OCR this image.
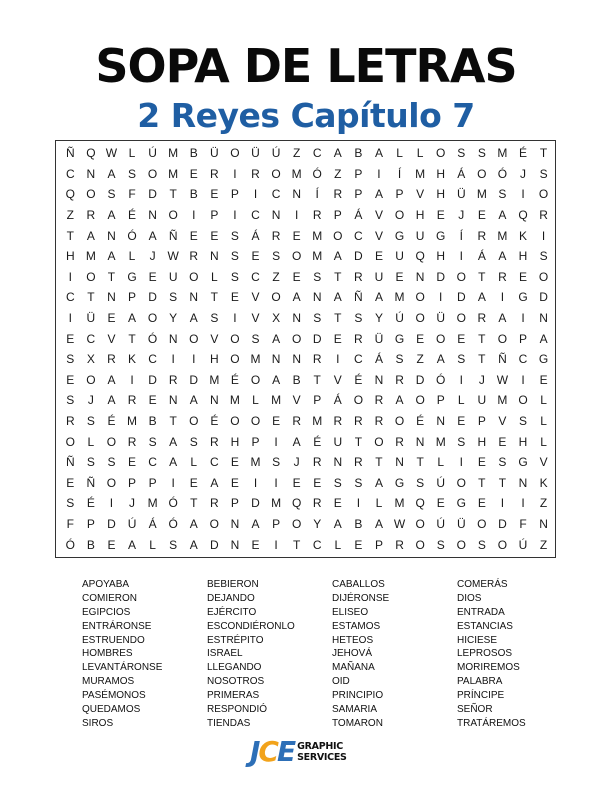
SOPA DE LETRAS
2 Reyes Capítulo 7
Ñ Q W L	Ú M B	Ü O Ü Ú	Z	C	A	B	A	L	L	O S	S M É	T
C N	A	S O M E	R	I	R O M Ó	Z	P	I	Í	M H	Á O Ó	J	S
Q O S	F	D	T	B	E	P	I	C N	Í	R	P	A	P	V	H Ü M S	I	O
Z	R	A	É	N O	I	P	I	C N	I	R	P	Á	V O H	E	J	E	A Q R
T	A	N Ó A	Ñ	E	E	S	Á	R	E M O C	V G U G	Í	R M K	I
H M A	L	J W R N	S	E	S O M A	D	E	U Q H	I	Á	A	H	S
I	O	T	G E	U O	L	S	C	Z	E	S	T	R U	E	N D O	T	R	E O
C	T	N	P	D	S	N	T	E	V O A	N	A	Ñ	A M O	I	D	A	I	G D
I	Ü	E	A O Y	A	S	I	V	X	N	S	T	S	Y	Ú O Ü O R	A	I	N
E	C	V	T	Ó N O V O S	A O D	E	R Ü G E O E	T	O P	A
S	X	R	K	C	I	I	H O M N N R	I	C	Á	S	Z	A	S	T	Ñ C G
E O A	I	D R D M É O A	B	T	V	É	N R D Ó	I	J W	I	E
S	J	A	R	E	N	A	N M	L	M V	P	Á O R	A O P	L	U M O	L
R	S	É M B	T	O É O O E	R M R R R O É	N	E	P	V	S	L
O	L	O R	S	A	S	R H	P	I	A	É	U	T	O R N M S	H	E	H	L
Ñ	S	S	E	C	A	L	C	E M S	J	R N R	T	N	T	L	I	E	S G V
E	Ñ O P	P	I	E	A	E	I	I	E	E	S	S	A G S	Ú O	T	T	N	K
S	É	I	J	M Ó	T	R	P	D M Q R	E	I	L	M Q E G E	I	I	Z
F	P	D Ú	Á Ó A O N	A	P O Y	A	B	A W O Ú Ü O D	F	N
Ó B	E	A	L	S	A	D N	E	I	T	C	L	E	P	R O S O S O Ú	Z
APOYABA
COMIERON
EGIPCIOS
ENTRÁRONSE
ESTRUENDO
HOMBRES
LEVANTÁRONSE
MURAMOS
PASÉMONOS
QUEDAMOS
SIROS
BEBIERON
DEJANDO
EJÉRCITO
ESCONDIÉRONLO
ESTRÉPITO
ISRAEL
LLEGANDO
NOSOTROS
PRIMERAS
RESPONDIÓ
TIENDAS
CABALLOS
DIJÉRONSE
ELISEO
ESTAMOS
HETEOS
JEHOVÁ
MAÑANA
OID
PRINCIPIO
SAMARIA
TOMARON
COMERÁS
DIOS
ENTRADA
ESTANCIAS
HICIESE
LEPROSOS
MORIREMOS
PALABRA
PRÍNCIPE
SEÑOR
TRATÁREMOS
JCE GRAPHIC
SERVICES
